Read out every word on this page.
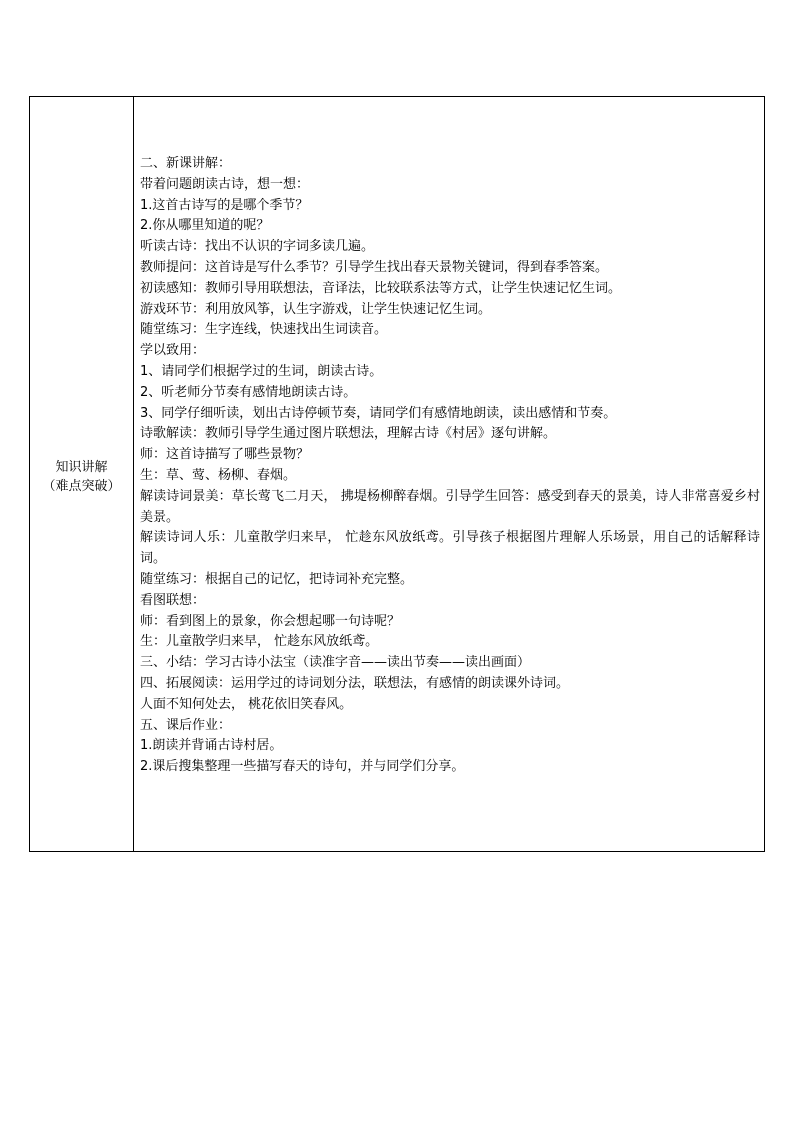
知识讲解
（难点突破）
二、新课讲解：
带着问题朗读古诗，想一想：
1.这首古诗写的是哪个季节？
2.你从哪里知道的呢？
听读古诗：找出不认识的字词多读几遍。
教师提问：这首诗是写什么季节？引导学生找出春天景物关键词，得到春季答案。
初读感知：教师引导用联想法，音译法，比较联系法等方式，让学生快速记忆生词。
游戏环节：利用放风筝，认生字游戏，让学生快速记忆生词。
随堂练习：生字连线，快速找出生词读音。
学以致用：
1、请同学们根据学过的生词，朗读古诗。
2、听老师分节奏有感情地朗读古诗。
3、同学仔细听读，划出古诗停顿节奏，请同学们有感情地朗读，读出感情和节奏。
诗歌解读：教师引导学生通过图片联想法，理解古诗《村居》逐句讲解。
师：这首诗描写了哪些景物？
生：草、莺、杨柳、春烟。
解读诗词景美：草长莺飞二月天， 拂堤杨柳醉春烟。引导学生回答：感受到春天的景美，诗人非常喜爱乡村美景。
解读诗词人乐：儿童散学归来早， 忙趁东风放纸鸢。引导孩子根据图片理解人乐场景，用自己的话解释诗词。
随堂练习：根据自己的记忆，把诗词补充完整。
看图联想：
师：看到图上的景象，你会想起哪一句诗呢？
生：儿童散学归来早， 忙趁东风放纸鸢。
三、小结：学习古诗小法宝（读准字音——读出节奏——读出画面）
四、拓展阅读：运用学过的诗词划分法，联想法，有感情的朗读课外诗词。
人面不知何处去， 桃花依旧笑春风。
五、课后作业：
1.朗读并背诵古诗村居。
2.课后搜集整理一些描写春天的诗句，并与同学们分享。
